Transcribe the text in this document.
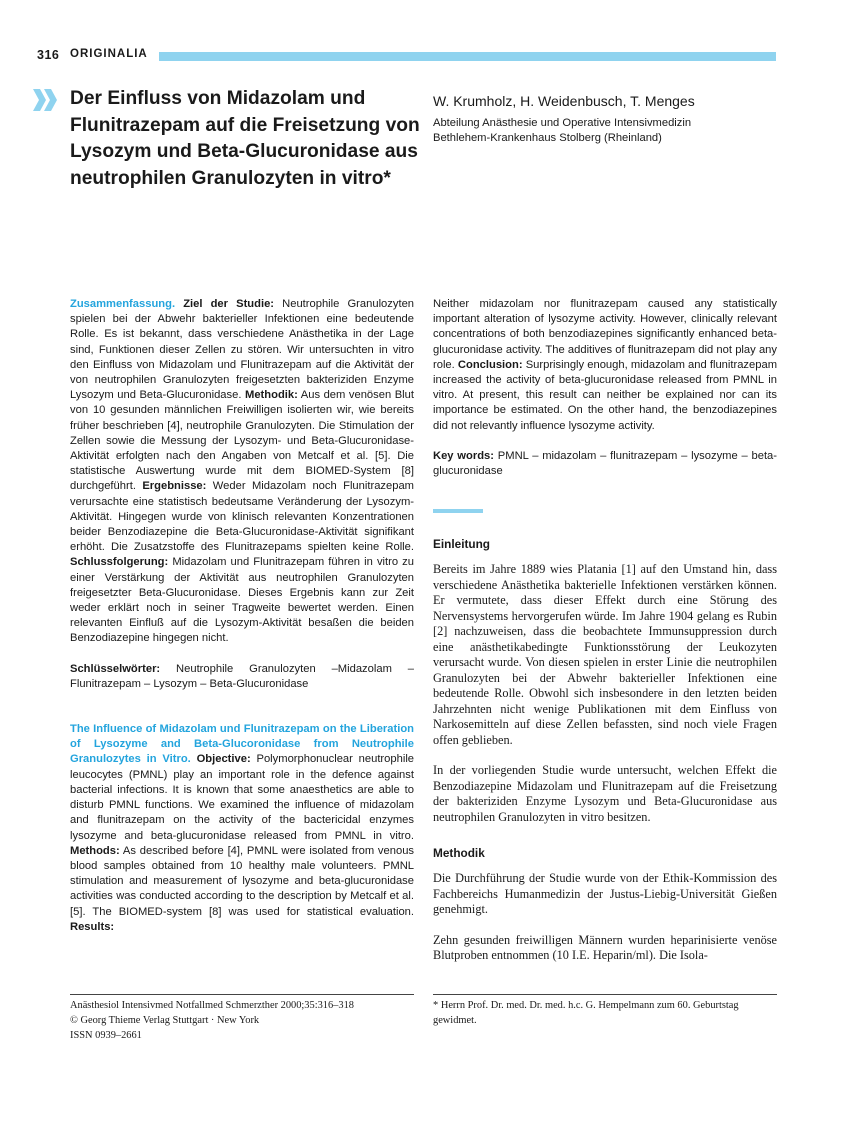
316 ORIGINALIA
Der Einfluss von Midazolam und Flunitrazepam auf die Freisetzung von Lysozym und Beta-Glucuronidase aus neutrophilen Granulozyten in vitro*
W. Krumholz, H. Weidenbusch, T. Menges
Abteilung Anästhesie und Operative Intensivmedizin
Bethlehem-Krankenhaus Stolberg (Rheinland)

Zusammenfassung. Ziel der Studie: Neutrophile Granulozyten spielen bei der Abwehr bakterieller Infektionen eine bedeutende Rolle. Es ist bekannt, dass verschiedene Anästhetika in der Lage sind, Funktionen dieser Zellen zu stören. Wir untersuchten in vitro den Einfluss von Midazolam und Flunitrazepam auf die Aktivität der von neutrophilen Granulozyten freigesetzten bakteriziden Enzyme Lysozym und Beta-Glucuronidase. Methodik: Aus dem venösen Blut von 10 gesunden männlichen Freiwilligen isolierten wir, wie bereits früher beschrieben [4], neutrophile Granulozyten. Die Stimulation der Zellen sowie die Messung der Lysozym- und Beta-Glucuronidase-Aktivität erfolgten nach den Angaben von Metcalf et al. [5]. Die statistische Auswertung wurde mit dem BIOMED-System [8] durchgeführt. Ergebnisse: Weder Midazolam noch Flunitrazepam verursachte eine statistisch bedeutsame Veränderung der Lysozym-Aktivität. Hingegen wurde von klinisch relevanten Konzentrationen beider Benzodiazepine die Beta-Glucuronidase-Aktivität signifikant erhöht. Die Zusatzstoffe des Flunitrazepams spielten keine Rolle. Schlussfolgerung: Midazolam und Flunitrazepam führen in vitro zu einer Verstärkung der Aktivität aus neutrophilen Granulozyten freigesetzter Beta-Glucuronidase. Dieses Ergebnis kann zur Zeit weder erklärt noch in seiner Tragweite bewertet werden. Einen relevanten Einfluß auf die Lysozym-Aktivität besaßen die beiden Benzodiazepine hingegen nicht.

Schlüsselwörter: Neutrophile Granulozyten –Midazolam – Flunitrazepam – Lysozym – Beta-Glucuronidase

The Influence of Midazolam und Flunitrazepam on the Liberation of Lysozyme and Beta-Glucoronidase from Neutrophile Granulozytes in Vitro. Objective: Polymorphonuclear neutrophile leucocytes (PMNL) play an important role in the defence against bacterial infections. It is known that some anaesthetics are able to disturb PMNL functions. We examined the influence of midazolam and flunitrazepam on the activity of the bactericidal enzymes lysozyme and beta-glucuronidase released from PMNL in vitro. Methods: As described before [4], PMNL were isolated from venous blood samples obtained from 10 healthy male volunteers. PMNL stimulation and measurement of lysozyme and beta-glucuronidase activities was conducted according to the description by Metcalf et al. [5]. The BIOMED-system [8] was used for statistical evaluation. Results:

Neither midazolam nor flunitrazepam caused any statistically important alteration of lysozyme activity. However, clinically relevant concentrations of both benzodiazepines significantly enhanced beta-glucuronidase activity. The additives of flunitrazepam did not play any role. Conclusion: Surprisingly enough, midazolam and flunitrazepam increased the activity of beta-glucuronidase released from PMNL in vitro. At present, this result can neither be explained nor can its importance be estimated. On the other hand, the benzodiazepines did not relevantly influence lysozyme activity.

Key words: PMNL – midazolam – flunitrazepam – lysozyme – beta-glucuronidase

Einleitung

Bereits im Jahre 1889 wies Platania [1] auf den Umstand hin, dass verschiedene Anästhetika bakterielle Infektionen verstärken können. Er vermutete, dass dieser Effekt durch eine Störung des Nervensystems hervorgerufen würde. Im Jahre 1904 gelang es Rubin [2] nachzuweisen, dass die beobachtete Immunsuppression durch eine anästhetikabedingte Funktionsstörung der Leukozyten verursacht wurde. Von diesen spielen in erster Linie die neutrophilen Granulozyten bei der Abwehr bakterieller Infektionen eine bedeutende Rolle. Obwohl sich insbesondere in den letzten beiden Jahrzehnten nicht wenige Publikationen mit dem Einfluss von Narkosemitteln auf diese Zellen befassten, sind noch viele Fragen offen geblieben.

In der vorliegenden Studie wurde untersucht, welchen Effekt die Benzodiazepine Midazolam und Flunitrazepam auf die Freisetzung der bakteriziden Enzyme Lysozym und Beta-Glucuronidase aus neutrophilen Granulozyten in vitro besitzen.

Methodik

Die Durchführung der Studie wurde von der Ethik-Kommission des Fachbereichs Humanmedizin der Justus-Liebig-Universität Gießen genehmigt.

Zehn gesunden freiwilligen Männern wurden heparinisierte venöse Blutproben entnommen (10 I.E. Heparin/ml). Die Isola-

Anästhesiol Intensivmed Notfallmed Schmerzther 2000;35:316–318
© Georg Thieme Verlag Stuttgart · New York
ISSN 0939–2661
* Herrn Prof. Dr. med. Dr. med. h.c. G. Hempelmann zum 60. Geburtstag gewidmet.
